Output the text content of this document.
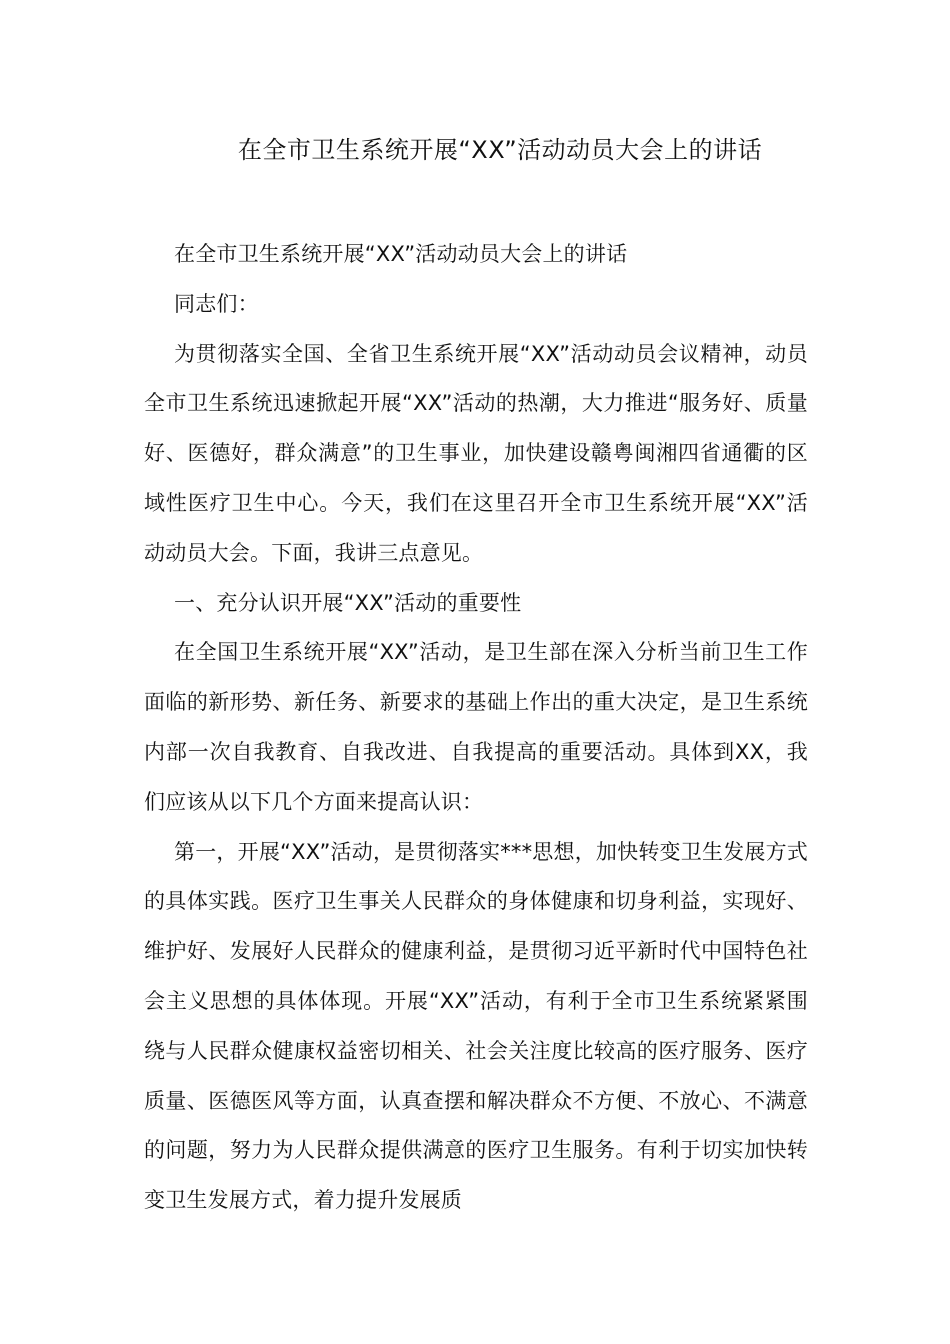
在全市卫生系统开展“XX”活动动员大会上的讲话

在全市卫生系统开展“XX”活动动员大会上的讲话

同志们：

为贯彻落实全国、全省卫生系统开展“XX”活动动员会议精神，动员全市卫生系统迅速掀起开展“XX”活动的热潮，大力推进“服务好、质量好、医德好，群众满意”的卫生事业，加快建设赣粤闽湘四省通衢的区域性医疗卫生中心。今天，我们在这里召开全市卫生系统开展“XX”活动动员大会。下面，我讲三点意见。

一、充分认识开展“XX”活动的重要性

在全国卫生系统开展“XX”活动，是卫生部在深入分析当前卫生工作面临的新形势、新任务、新要求的基础上作出的重大决定，是卫生系统内部一次自我教育、自我改进、自我提高的重要活动。具体到XX，我们应该从以下几个方面来提高认识：

第一，开展“XX”活动，是贯彻落实***思想，加快转变卫生发展方式的具体实践。医疗卫生事关人民群众的身体健康和切身利益，实现好、维护好、发展好人民群众的健康利益，是贯彻习近平新时代中国特色社会主义思想的具体体现。开展“XX”活动，有利于全市卫生系统紧紧围绕与人民群众健康权益密切相关、社会关注度比较高的医疗服务、医疗质量、医德医风等方面，认真查摆和解决群众不方便、不放心、不满意的问题，努力为人民群众提供满意的医疗卫生服务。有利于切实加快转变卫生发展方式，着力提升发展质
